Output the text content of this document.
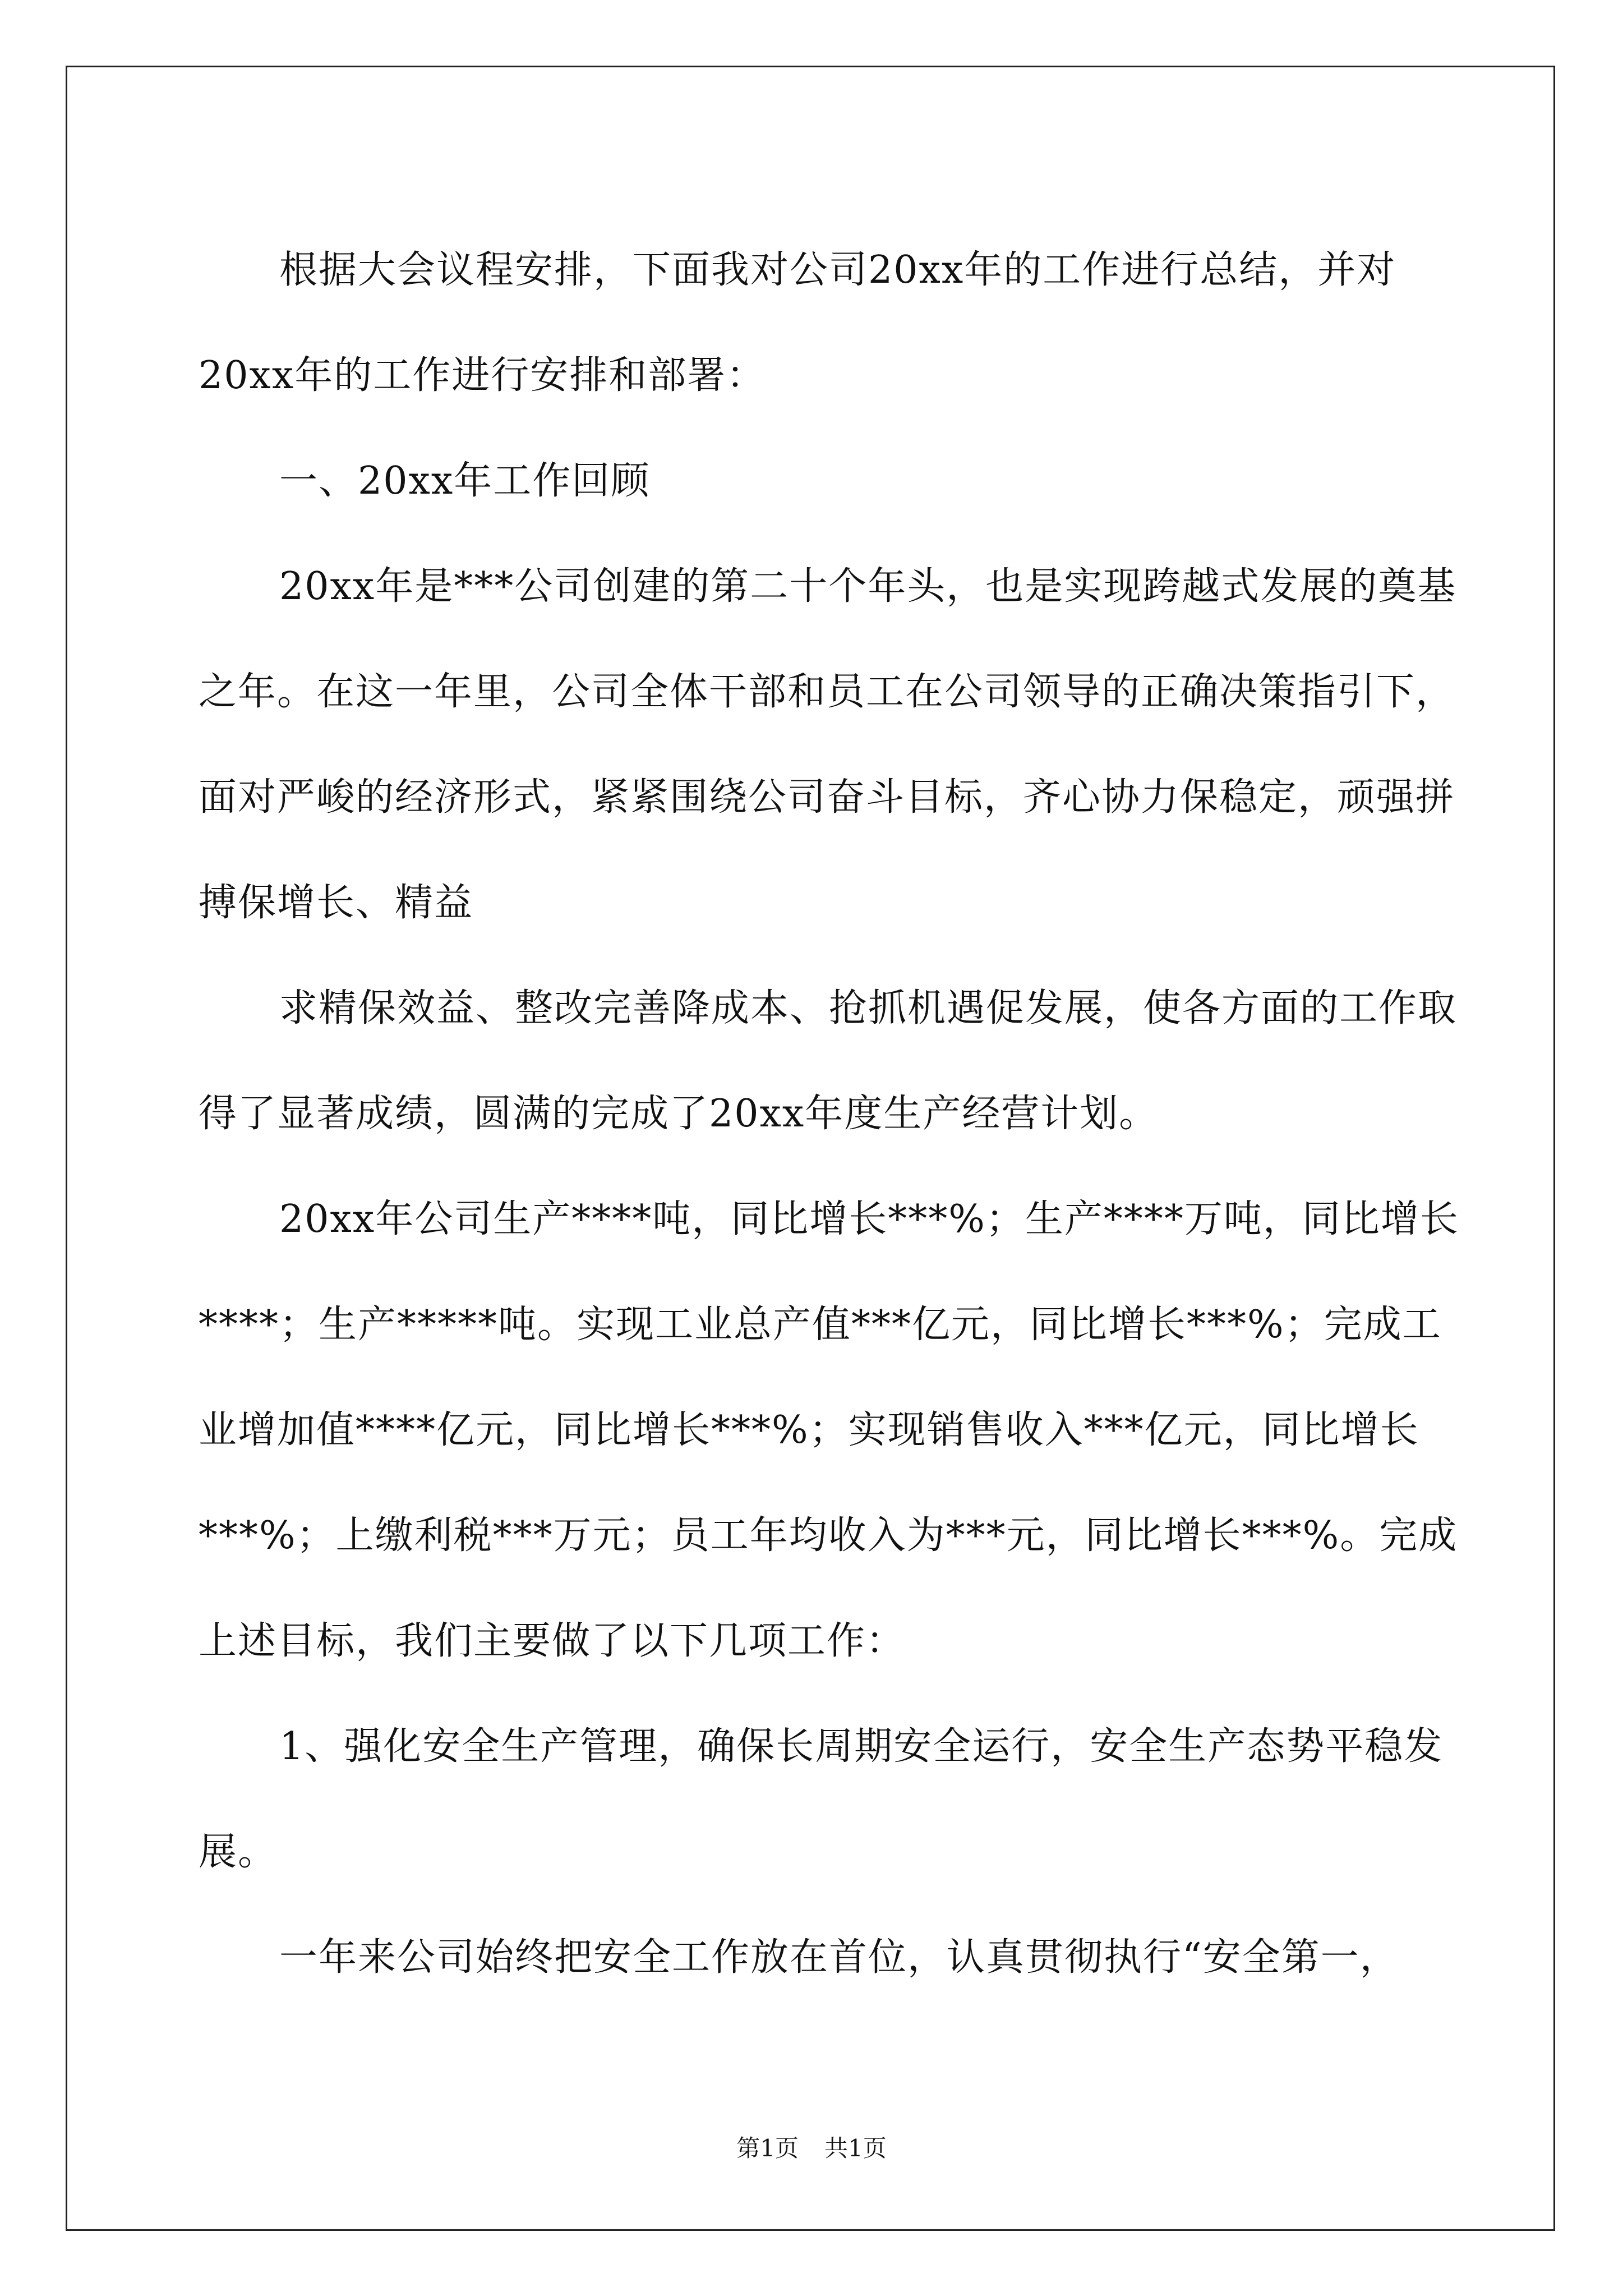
根据大会议程安排，下面我对公司20xx年的工作进行总结，并对20xx年的工作进行安排和部署：

一、20xx年工作回顾

20xx年是***公司创建的第二十个年头，也是实现跨越式发展的奠基之年。在这一年里，公司全体干部和员工在公司领导的正确决策指引下，面对严峻的经济形式，紧紧围绕公司奋斗目标，齐心协力保稳定，顽强拼搏保增长、精益

求精保效益、整改完善降成本、抢抓机遇促发展，使各方面的工作取得了显著成绩，圆满的完成了20xx年度生产经营计划。

20xx年公司生产****吨，同比增长***%；生产****万吨，同比增长****；生产*****吨。实现工业总产值***亿元，同比增长***%；完成工业增加值****亿元，同比增长***%；实现销售收入***亿元，同比增长***%；上缴利税***万元；员工年均收入为***元，同比增长***%。完成上述目标，我们主要做了以下几项工作：

1、强化安全生产管理，确保长周期安全运行，安全生产态势平稳发展。

一年来公司始终把安全工作放在首位，认真贯彻执行“安全第一，

第1页 共1页
